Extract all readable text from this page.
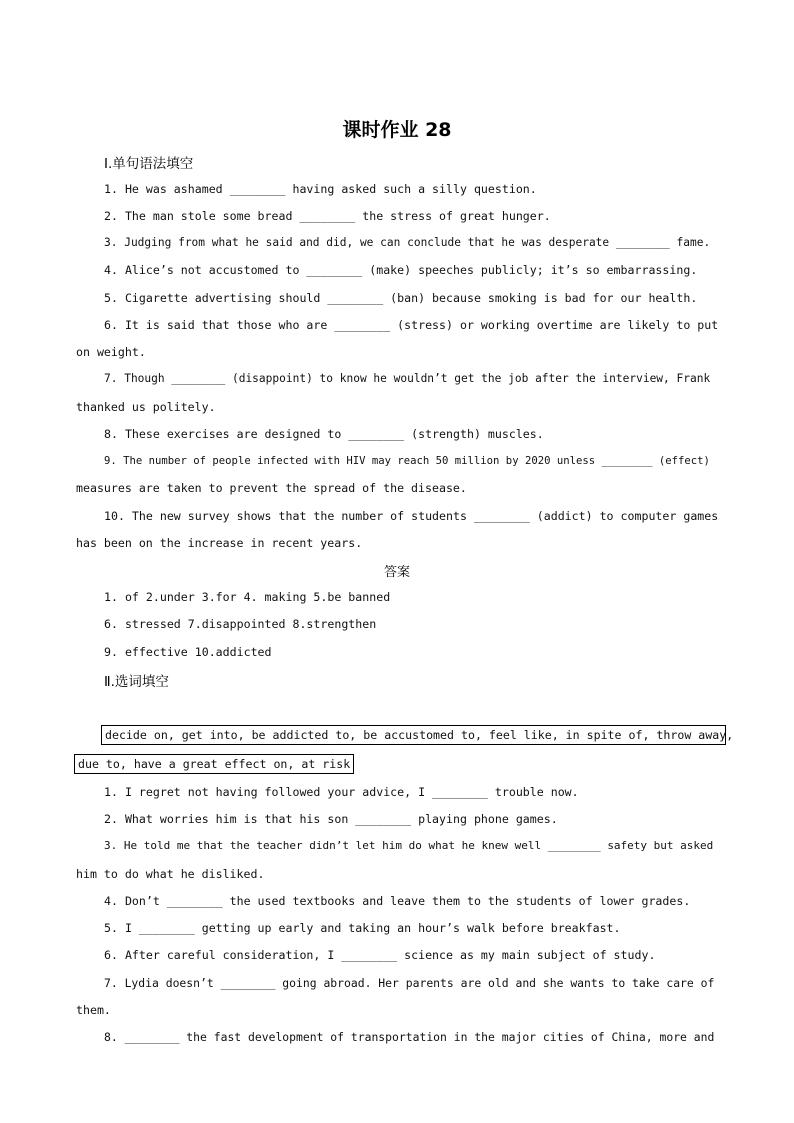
课时作业 28
Ⅰ.单句语法填空
1. He was ashamed ________ having asked such a silly question.
2. The man stole some bread ________ the stress of great hunger.
3. Judging from what he said and did, we can conclude that he was desperate ________ fame.
4. Alice’s not accustomed to ________ (make) speeches publicly; it’s so embarrassing.
5. Cigarette advertising should ________ (ban) because smoking is bad for our health.
6. It is said that those who are ________ (stress) or working overtime are likely to put
on weight.
7. Though ________ (disappoint) to know he wouldn’t get the job after the interview, Frank
thanked us politely.
8. These exercises are designed to ________ (strength) muscles.
9. The number of people infected with HIV may reach 50 million by 2020 unless ________ (effect)
measures are taken to prevent the spread of the disease.
10. The new survey shows that the number of students ________ (addict) to computer games
has been on the increase in recent years.
答案
1. of 2.under 3.for 4. making 5.be banned
6. stressed 7.disappointed 8.strengthen
9. effective 10.addicted
Ⅱ.选词填空
decide on, get into, be addicted to, be accustomed to, feel like, in spite of, throw away,
due to, have a great effect on, at risk
1. I regret not having followed your advice, I ________ trouble now.
2. What worries him is that his son ________ playing phone games.
3. He told me that the teacher didn’t let him do what he knew well ________ safety but asked
him to do what he disliked.
4. Don’t ________ the used textbooks and leave them to the students of lower grades.
5. I ________ getting up early and taking an hour’s walk before breakfast.
6. After careful consideration, I ________ science as my main subject of study.
7. Lydia doesn’t ________ going abroad. Her parents are old and she wants to take care of
them.
8. ________ the fast development of transportation in the major cities of China, more and
